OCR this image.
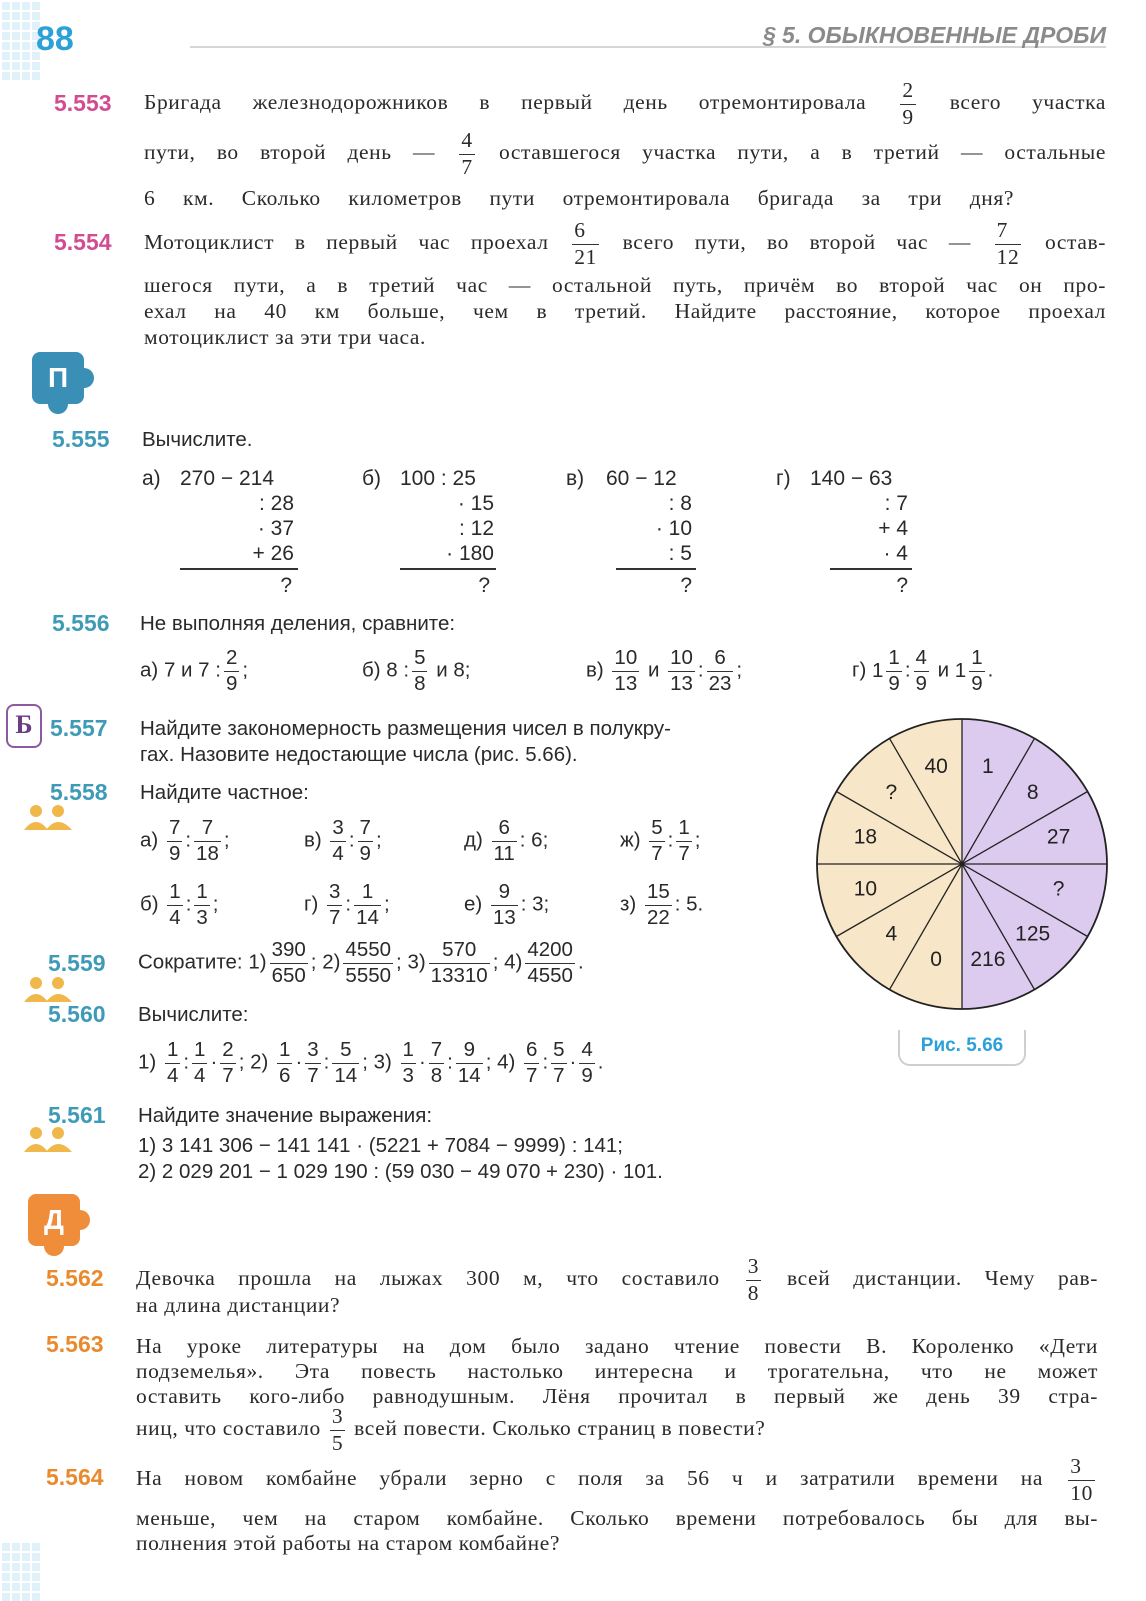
88	§ 5. ОБЫКНОВЕННЫЕ ДРОБИ
5.553 Бригада железнодорожников в первый день отремонтировала $\frac{2}{9}$ всего участка
пути, во второй день — $\frac{4}{7}$ оставшегося участка пути, а в третий — остальные
6 км. Сколько километров пути отремонтировала бригада за три дня?
5.554 Мотоциклист в первый час проехал $\frac{6}{21}$ всего пути, во второй час — $\frac{7}{12}$ остав-
шегося пути, а в третий час — остальной путь, причём во второй час он про-
ехал на 40 км больше, чем в третий. Найдите расстояние, которое проехал
мотоциклист за эти три часа.
П
5.555 Вычислите.
а) 270 − 214
: 28
· 37
+ 26
?
б) 100 : 25
· 15
: 12
· 180
?
в) 60 − 12
: 8
· 10
: 5
?
г) 140 − 63
: 7
+ 4
· 4
?
5.556 Не выполняя деления, сравните:
а) 7 и 7 : $\frac{2}{9}$ ;	б) 8 : $\frac{5}{8}$ и 8;	$в) \frac{10}{13}$ и $\frac{10}{13}$ : $\frac{6}{23}$ ;	г) $1 \frac{1}{9}$ : $\frac{4}{9}$ и $1 \frac{1}{9}$ .
Б 5.557 Найдите закономерность размещения чисел в полукру-
гах. Назовите недостающие числа (рис. 5.66).
5.558 Найдите частное:
$а) \frac{7}{9}$ : $\frac{7}{18}$ ;	$в) \frac{3}{4}$ : $\frac{7}{9}$ ;	$д) \frac{6}{11}$ : 6;	$ж) \frac{5}{7}$ : $\frac{1}{7}$ ;
$б) \frac{1}{4}$ : $\frac{1}{3}$ ;	$г) \frac{3}{7}$ : $\frac{1}{14}$ ;	$е) \frac{9}{13}$ : 3;	$з) \frac{15}{22}$ : 5.
5.559 Сократите: $1) \frac{390}{650}$ ; $2) \frac{4550}{5550}$ ; $3) \frac{570}{13310}$ ; $4) \frac{4200}{4550}$ .
5.560 Вычислите:
$1) \frac{1}{4}$ : $\frac{1}{4} \cdot \frac{2}{7}$ ; $2) \frac{1}{6} \cdot \frac{3}{7}$ : $\frac{5}{14}$ ; $3) \frac{1}{3} \cdot \frac{7}{8}$ : $\frac{9}{14}$ ; $4) \frac{6}{7}$ : $\frac{5}{7} \cdot \frac{4}{9}$ .
5.561 Найдите значение выражения:
1) 3 141 306 − 141 141 · (5221 + 7084 − 9999) : 141;
2) 2 029 201 − 1 029 190 : (59 030 − 49 070 + 230) · 101.
Д
5.562 Девочка прошла на лыжах 300 м, что составило $\frac{3}{8}$ всей дистанции. Чему рав-
на длина дистанции?
5.563 На уроке литературы на дом было задано чтение повести В. Короленко «Дети
подземелья». Эта повесть настолько интересна и трогательна, что не может
оставить кого-либо равнодушным. Лёня прочитал в первый же день 39 стра-
ниц, что составило $\frac{3}{5}$ всей повести. Сколько страниц в повести?
5.564 На новом комбайне убрали зерно с поля за 56 ч и затратили времени на $\frac{3}{10}$
меньше, чем на старом комбайне. Сколько времени потребовалось бы для вы-
полнения этой работы на старом комбайне?
1
8
27
?
125
216
0
4
10
18
?
40
Рис. 5.66
